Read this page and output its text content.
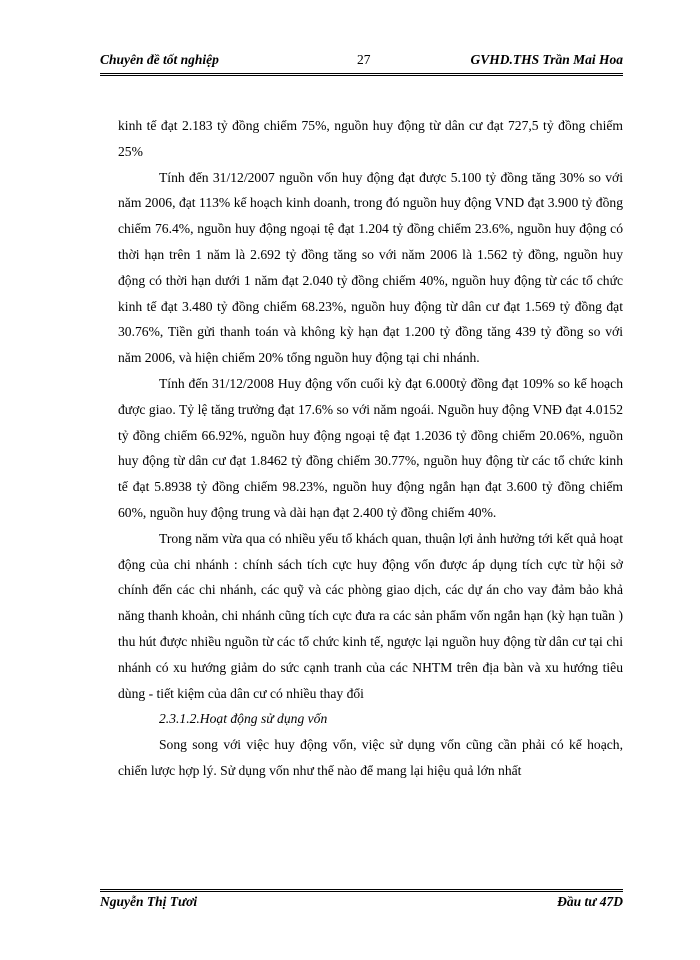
Chuyên đề tốt nghiệp	27	GVHD.THS Trần Mai Hoa

kinh tế đạt 2.183 tỷ đồng chiếm 75%, nguồn huy động từ dân cư đạt 727,5 tỷ đồng chiếm 25%

Tính đến 31/12/2007 nguồn vốn huy động đạt được 5.100 tỷ đồng tăng 30% so với năm 2006, đạt 113% kế hoạch kinh doanh, trong đó nguồn huy động VND đạt 3.900 tỷ đồng chiếm 76.4%, nguồn huy động ngoại tệ đạt 1.204 tỷ đồng chiếm 23.6%, nguồn huy động có thời hạn trên 1 năm là 2.692 tỷ đồng tăng so với năm 2006 là 1.562 tỷ đồng, nguồn huy động có thời hạn dưới 1 năm đạt 2.040 tỷ đồng chiếm 40%, nguồn huy động từ các tổ chức kinh tế đạt 3.480 tỷ đồng chiếm 68.23%, nguồn huy động từ dân cư đạt 1.569 tỷ đồng đạt 30.76%, Tiền gửi thanh toán và không kỳ hạn đạt 1.200 tỷ đồng tăng 439 tỷ đồng so với năm 2006, và hiện chiếm 20% tổng nguồn huy động tại chi nhánh.

Tính đến 31/12/2008 Huy động vốn cuối kỳ đạt 6.000tỷ đồng đạt 109% so kế hoạch được giao. Tỷ lệ tăng trưởng đạt 17.6% so với năm ngoái. Nguồn huy động VNĐ đạt 4.0152 tỷ đồng chiếm 66.92%, nguồn huy động ngoại tệ đạt 1.2036 tỷ đồng chiếm 20.06%, nguồn huy động từ dân cư đạt 1.8462 tỷ đồng chiếm 30.77%, nguồn huy động từ các tổ chức kinh tế đạt 5.8938 tỷ đồng chiếm 98.23%, nguồn huy động ngắn hạn đạt 3.600 tỷ đồng chiếm 60%, nguồn huy động trung và dài hạn đạt 2.400 tỷ đồng chiếm 40%.

Trong năm vừa qua có nhiều yếu tố khách quan, thuận lợi ảnh hưởng tới kết quả hoạt động của chi nhánh : chính sách tích cực huy động vốn được áp dụng tích cực từ hội sở chính đến các chi nhánh, các quỹ và các phòng giao dịch, các dự án cho vay đảm bảo khả năng thanh khoản, chi nhánh cũng tích cực đưa ra các sản phẩm vốn ngắn hạn (kỳ hạn tuần ) thu hút được nhiều nguồn từ các tổ chức kinh tế, ngược lại nguồn huy động từ dân cư tại chi nhánh có xu hướng giảm do sức cạnh tranh của các NHTM trên địa bàn và xu hướng tiêu dùng - tiết kiệm của dân cư có nhiều thay đổi

2.3.1.2.Hoạt động sử dụng vốn

Song song với việc huy động vốn, việc sử dụng vốn cũng cần phải có kế hoạch, chiến lược hợp lý. Sử dụng vốn như thế nào để mang lại hiệu quả lớn nhất

Nguyễn Thị Tươi	Đầu tư 47D
